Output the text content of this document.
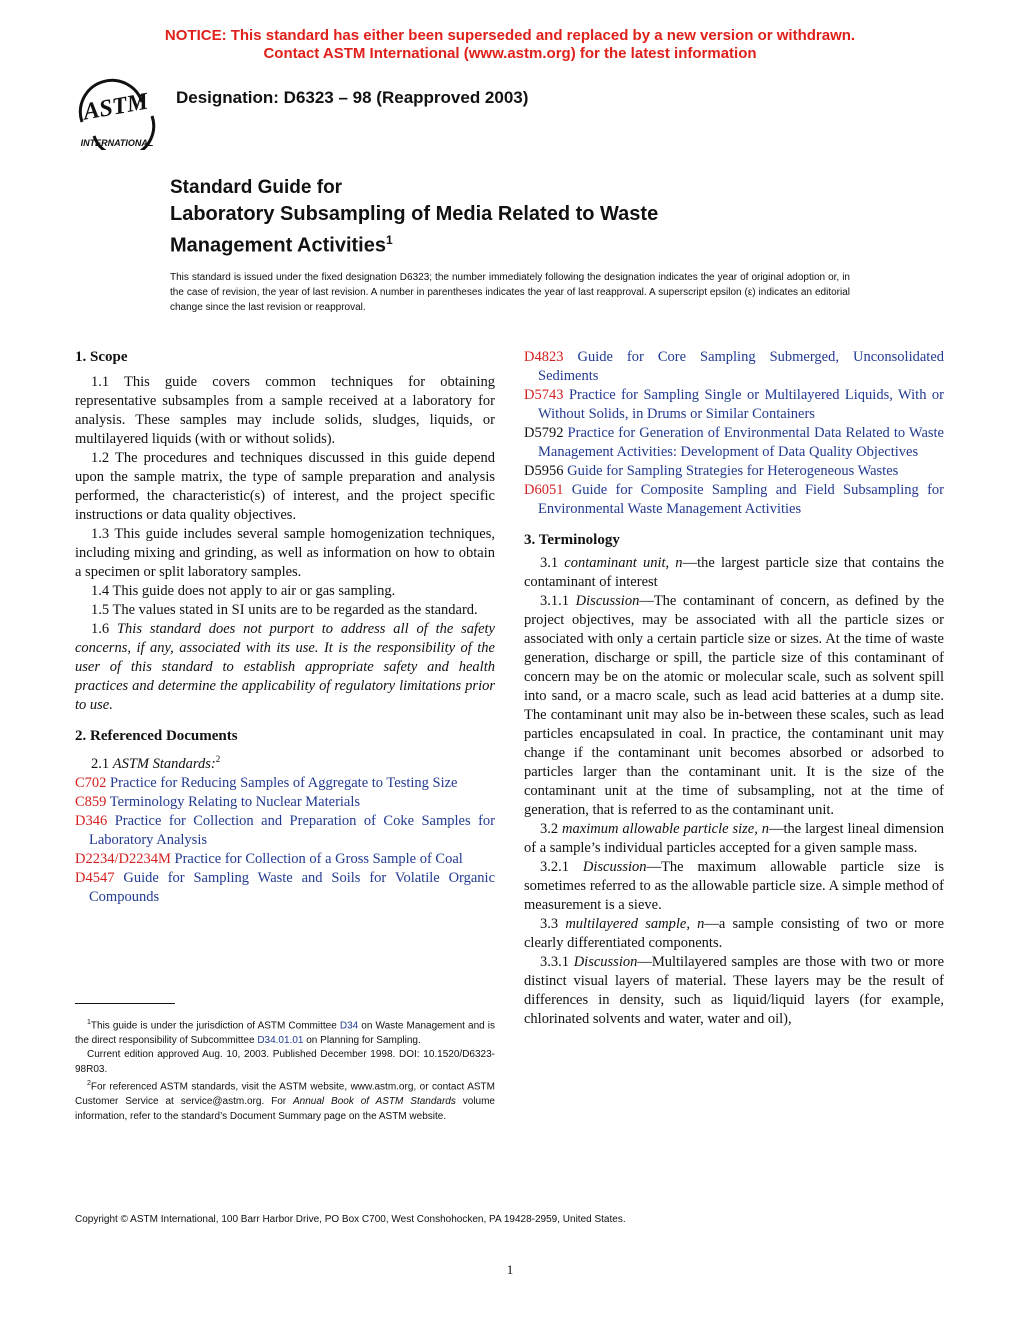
NOTICE: This standard has either been superseded and replaced by a new version or withdrawn.
Contact ASTM International (www.astm.org) for the latest information
ASTM
INTERNATIONAL
Designation: D6323 – 98 (Reapproved 2003)
Standard Guide for
Laboratory Subsampling of Media Related to Waste
Management Activities$^1$
This standard is issued under the fixed designation D6323; the number immediately following the designation indicates the year of original adoption or, in the case of revision, the year of last revision. A number in parentheses indicates the year of last reapproval. A superscript epsilon (ε) indicates an editorial change since the last revision or reapproval.
1. Scope

1.1 This guide covers common techniques for obtaining representative subsamples from a sample received at a laboratory for analysis. These samples may include solids, sludges, liquids, or multilayered liquids (with or without solids).

1.2 The procedures and techniques discussed in this guide depend upon the sample matrix, the type of sample preparation and analysis performed, the characteristic(s) of interest, and the project specific instructions or data quality objectives.

1.3 This guide includes several sample homogenization techniques, including mixing and grinding, as well as information on how to obtain a specimen or split laboratory samples.

1.4 This guide does not apply to air or gas sampling.

1.5 The values stated in SI units are to be regarded as the standard.

1.6 This standard does not purport to address all of the safety concerns, if any, associated with its use. It is the responsibility of the user of this standard to establish appropriate safety and health practices and determine the applicability of regulatory limitations prior to use.

2. Referenced Documents

2.1 ASTM Standards:$^2$

C702 Practice for Reducing Samples of Aggregate to Testing Size

C859 Terminology Relating to Nuclear Materials

D346 Practice for Collection and Preparation of Coke Samples for Laboratory Analysis

D2234/D2234M Practice for Collection of a Gross Sample of Coal

D4547 Guide for Sampling Waste and Soils for Volatile Organic Compounds

D4823 Guide for Core Sampling Submerged, Unconsolidated Sediments

D5743 Practice for Sampling Single or Multilayered Liquids, With or Without Solids, in Drums or Similar Containers

D5792 Practice for Generation of Environmental Data Related to Waste Management Activities: Development of Data Quality Objectives

D5956 Guide for Sampling Strategies for Heterogeneous Wastes

D6051 Guide for Composite Sampling and Field Subsampling for Environmental Waste Management Activities

3. Terminology

3.1 contaminant unit, n—the largest particle size that contains the contaminant of interest

3.1.1 Discussion—The contaminant of concern, as defined by the project objectives, may be associated with all the particle sizes or associated with only a certain particle size or sizes. At the time of waste generation, discharge or spill, the particle size of this contaminant of concern may be on the atomic or molecular scale, such as solvent spill into sand, or a macro scale, such as lead acid batteries at a dump site. The contaminant unit may also be in-between these scales, such as lead particles encapsulated in coal. In practice, the contaminant unit may change if the contaminant unit becomes absorbed or adsorbed to particles larger than the contaminant unit. It is the size of the contaminant unit at the time of subsampling, not at the time of generation, that is referred to as the contaminant unit.

3.2 maximum allowable particle size, n—the largest lineal dimension of a sample’s individual particles accepted for a given sample mass.

3.2.1 Discussion—The maximum allowable particle size is sometimes referred to as the allowable particle size. A simple method of measurement is a sieve.

3.3 multilayered sample, n—a sample consisting of two or more clearly differentiated components.

3.3.1 Discussion—Multilayered samples are those with two or more distinct visual layers of material. These layers may be the result of differences in density, such as liquid/liquid layers (for example, chlorinated solvents and water, water and oil),

$^1$This guide is under the jurisdiction of ASTM Committee D34 on Waste Management and is the direct responsibility of Subcommittee D34.01.01 on Planning for Sampling.

Current edition approved Aug. 10, 2003. Published December 1998. DOI: 10.1520/D6323-98R03.

$^2$For referenced ASTM standards, visit the ASTM website, www.astm.org, or contact ASTM Customer Service at service@astm.org. For Annual Book of ASTM Standards volume information, refer to the standard’s Document Summary page on the ASTM website.

Copyright © ASTM International, 100 Barr Harbor Drive, PO Box C700, West Conshohocken, PA 19428-2959, United States.
1
